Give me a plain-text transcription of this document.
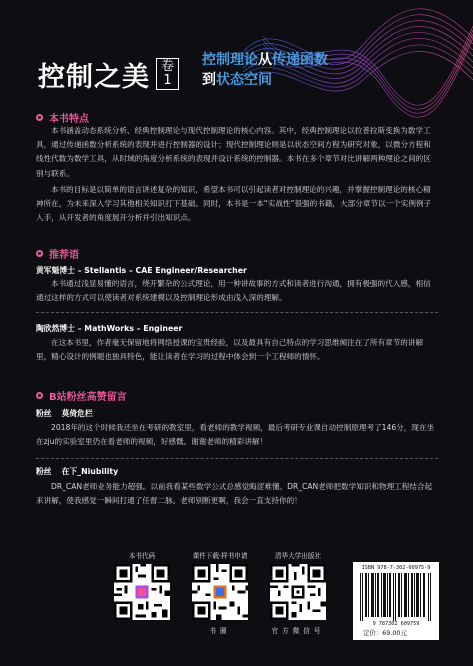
控制之美 卷1
控制理论从传递函数
到状态空间
本书特点
本书涵盖动态系统分析、经典控制理论与现代控制理论的核心内容。其中，经典控制理论以拉普拉斯变换为数学工具，通过传递函数分析系统的表现并进行控制器的设计；现代控制理论则是以状态空间方程为研究对象，以微分方程和线性代数为数学工具，从时域的角度分析系统的表现并设计系统的控制器。本书在多个章节对比讲解两种理论之间的区别与联系。
本书的目标是以简单的语言讲述复杂的知识，希望本书可以引起读者对控制理论的兴趣，并掌握控制理论的核心精神所在，为未来深入学习其他相关知识打下基础。同时，本书是一本“实战性”很强的书籍，大部分章节以一个实例例子入手，从开发者的角度展开分析并引出知识点。
推荐语
黄军魁博士 – Stellantis – CAE Engineer/Researcher
本书通过浅显易懂的语言，绕开繁杂的公式理论，用一种讲故事的方式和读者进行沟通，拥有极强的代入感，相信通过这样的方式可以使读者对系统建模以及控制理论形成由浅入深的理解。
陶欣然博士 – MathWorks – Engineer
在这本书里，作者毫无保留地将网络授课的宝贵经验，以及最具有自己特点的学习思维倾注在了所有章节的讲解里，精心设计的例题也独具特色，能让读者在学习的过程中体会到一个工程师的情怀。
B站粉丝高赞留言
粉丝 莫倚危栏
2018年的这个时候我还坐在考研的教室里，看老师的教学视频，最后考研专业课自动控制原理考了146分，现在坐在zju的实验室里仍在看老师的视频，好感慨。谢谢老师的精彩讲解！
粉丝 在下_Niubility
DR_CAN老师业务能力超强。以前我看某些数学公式总感觉晦涩难懂。DR_CAN老师把数学知识和物理工程结合起来讲解，使我感觉一瞬间打通了任督二脉。老师别断更啊，我会一直支持你的！
本书代码	课件下载·样书申请
书圈
清华大学出版社
官方微信号
ISBN 978-7-302-60975-9
9 787302 609759
定价：69.00元
